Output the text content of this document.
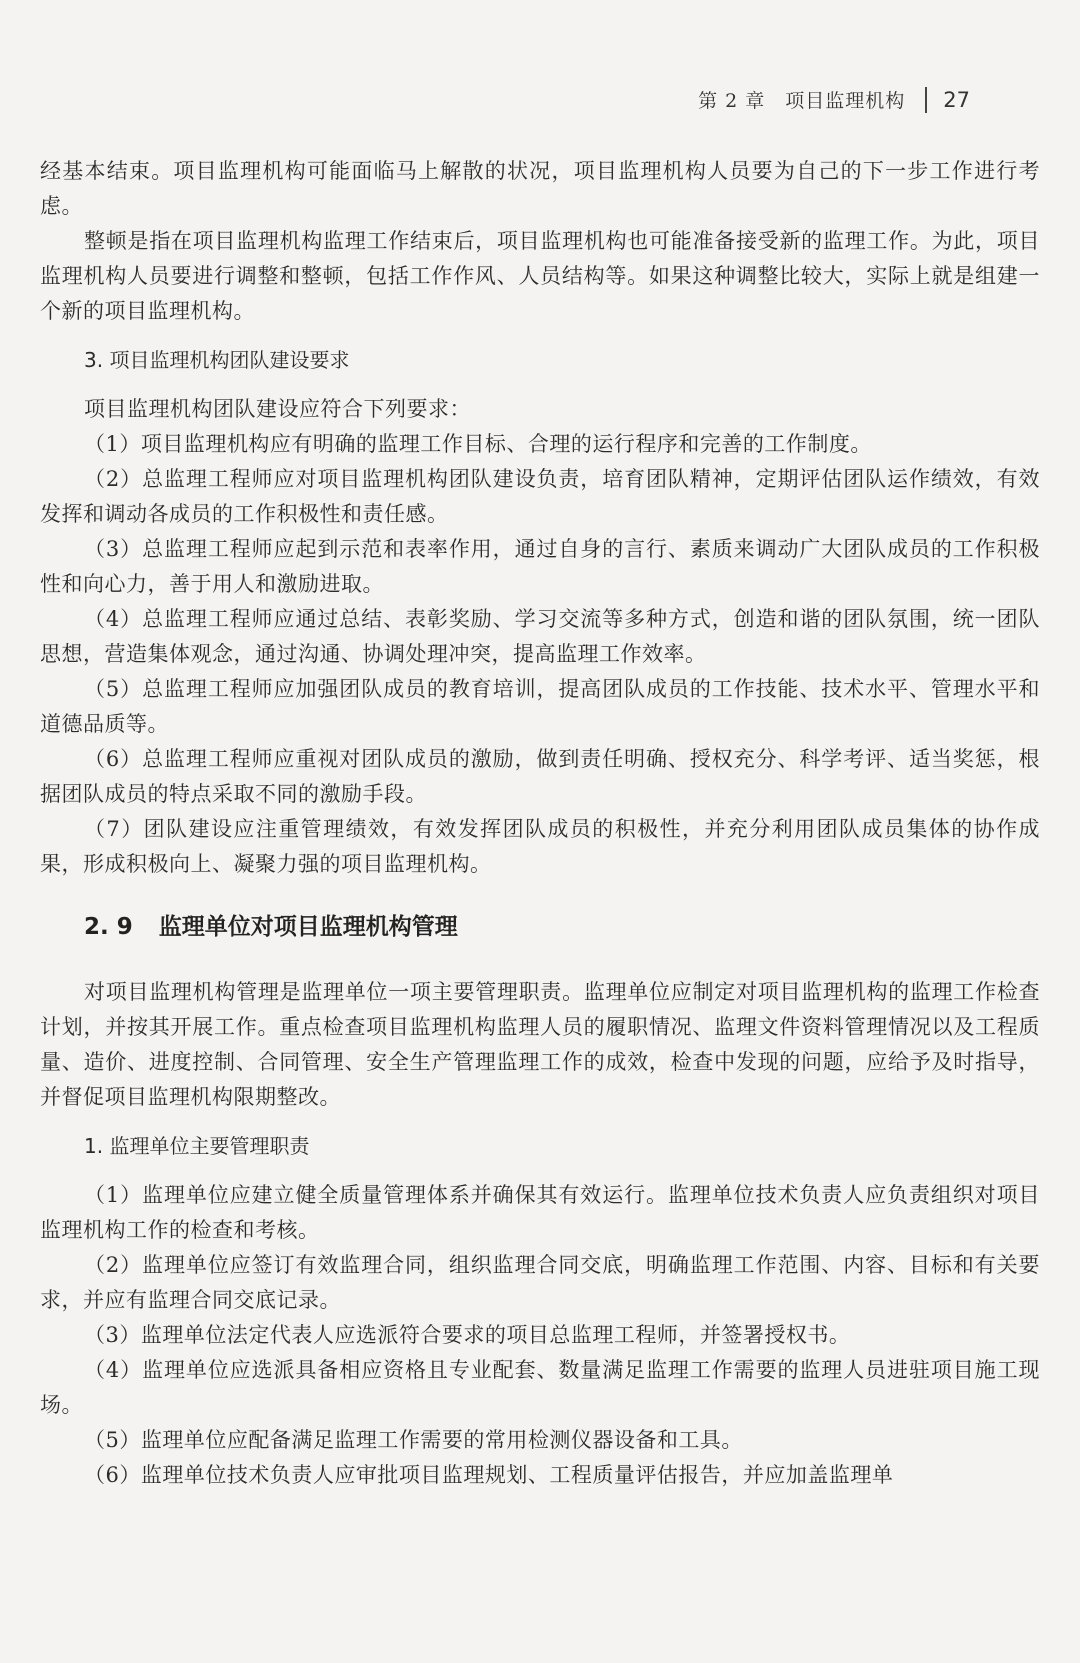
第 2 章　项目监理机构 27

经基本结束。项目监理机构可能面临马上解散的状况，项目监理机构人员要为自己的下一步工作进行考虑。

整顿是指在项目监理机构监理工作结束后，项目监理机构也可能准备接受新的监理工作。为此，项目监理机构人员要进行调整和整顿，包括工作作风、人员结构等。如果这种调整比较大，实际上就是组建一个新的项目监理机构。

3. 项目监理机构团队建设要求

项目监理机构团队建设应符合下列要求：

（1）项目监理机构应有明确的监理工作目标、合理的运行程序和完善的工作制度。

（2）总监理工程师应对项目监理机构团队建设负责，培育团队精神，定期评估团队运作绩效，有效发挥和调动各成员的工作积极性和责任感。

（3）总监理工程师应起到示范和表率作用，通过自身的言行、素质来调动广大团队成员的工作积极性和向心力，善于用人和激励进取。

（4）总监理工程师应通过总结、表彰奖励、学习交流等多种方式，创造和谐的团队氛围，统一团队思想，营造集体观念，通过沟通、协调处理冲突，提高监理工作效率。

（5）总监理工程师应加强团队成员的教育培训，提高团队成员的工作技能、技术水平、管理水平和道德品质等。

（6）总监理工程师应重视对团队成员的激励，做到责任明确、授权充分、科学考评、适当奖惩，根据团队成员的特点采取不同的激励手段。

（7）团队建设应注重管理绩效，有效发挥团队成员的积极性，并充分利用团队成员集体的协作成果，形成积极向上、凝聚力强的项目监理机构。

2. 9 监理单位对项目监理机构管理

对项目监理机构管理是监理单位一项主要管理职责。监理单位应制定对项目监理机构的监理工作检查计划，并按其开展工作。重点检查项目监理机构监理人员的履职情况、监理文件资料管理情况以及工程质量、造价、进度控制、合同管理、安全生产管理监理工作的成效，检查中发现的问题，应给予及时指导，并督促项目监理机构限期整改。

1. 监理单位主要管理职责

（1）监理单位应建立健全质量管理体系并确保其有效运行。监理单位技术负责人应负责组织对项目监理机构工作的检查和考核。

（2）监理单位应签订有效监理合同，组织监理合同交底，明确监理工作范围、内容、目标和有关要求，并应有监理合同交底记录。

（3）监理单位法定代表人应选派符合要求的项目总监理工程师，并签署授权书。

（4）监理单位应选派具备相应资格且专业配套、数量满足监理工作需要的监理人员进驻项目施工现场。

（5）监理单位应配备满足监理工作需要的常用检测仪器设备和工具。

（6）监理单位技术负责人应审批项目监理规划、工程质量评估报告，并应加盖监理单
